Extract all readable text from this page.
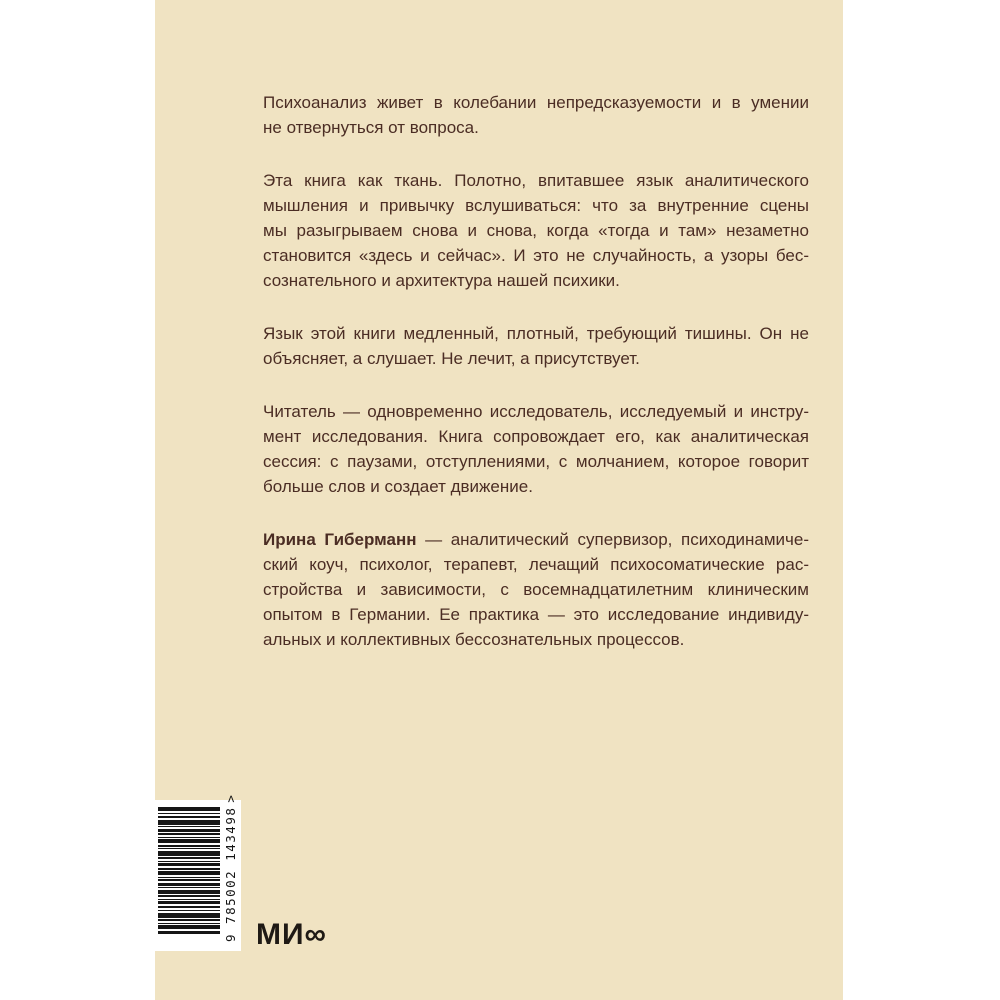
Психоанализ живет в колебании непредсказуемости и в умении
не отвернуться от вопроса.
Эта книга как ткань. Полотно, впитавшее язык аналитического
мышления и привычку вслушиваться: что за внутренние сцены
мы разыгрываем снова и снова, когда «тогда и там» незаметно
становится «здесь и сейчас». И это не случайность, а узоры бес-
сознательного и архитектура нашей психики.
Язык этой книги медленный, плотный, требующий тишины. Он не
объясняет, а слушает. Не лечит, а присутствует.
Читатель — одновременно исследователь, исследуемый и инстру-
мент исследования. Книга сопровождает его, как аналитическая
сессия: с паузами, отступлениями, с молчанием, которое говорит
больше слов и создает движение.
Ирина Гиберманн — аналитический супервизор, психодинамиче-
ский коуч, психолог, терапевт, лечащий психосоматические рас-
стройства и зависимости, с восемнадцатилетним клиническим
опытом в Германии. Ее практика — это исследование индивиду-
альных и коллективных бессознательных процессов.
9 785002 143498>
МИ∞
